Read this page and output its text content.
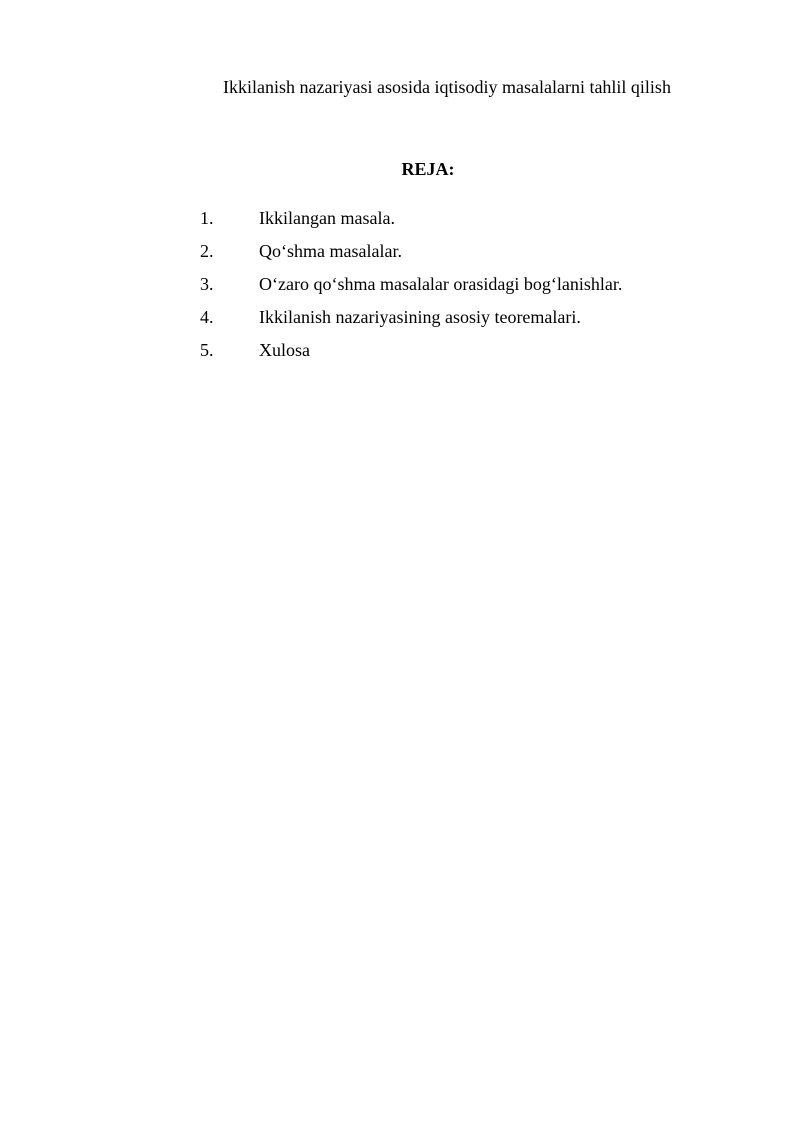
Ikkilanish nazariyasi asosida iqtisodiy masalalarni tahlil qilish
REJA:
1.	Ikkilangan masala.
2.	Qo‘shma masalalar.
3.	O‘zaro qo‘shma masalalar orasidagi bog‘lanishlar.
4.	Ikkilanish nazariyasining asosiy teoremalari.
5.	Xulosa
